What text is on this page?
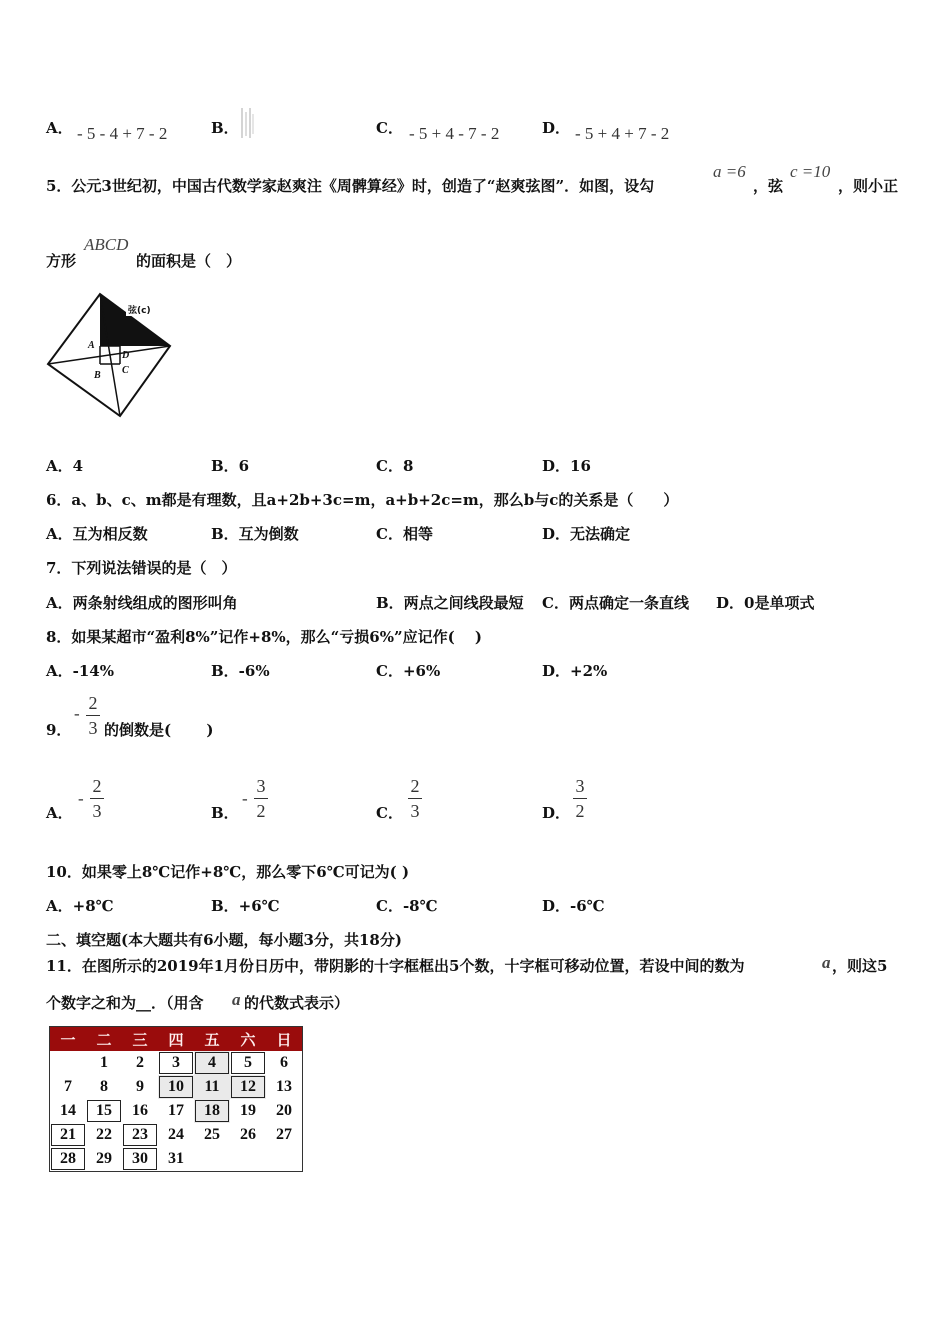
A． - 5 - 4 + 7 - 2	B．	C． - 5 + 4 - 7 - 2	D． - 5 + 4 + 7 - 2
5．公元3世纪初，中国古代数学家赵爽注《周髀算经》时，创造了“赵爽弦图”．如图，设勾
a =6
，弦
c =10
，则小正
方形
ABCD
的面积是（　）
弦(c)
A
D
B C
A．4	B．6	C．8	D．16
6．a、b、c、m都是有理数，且a+2b+3c=m，a+b+2c=m，那么b与c的关系是（　　）
A．互为相反数	B．互为倒数	C．相等	D．无法确定
7．下列说法错误的是（　）
A．两条射线组成的图形叫角	B．两点之间线段最短 C．两点确定一条直线 D．0是单项式
8．如果某超市“盈利8%”记作+8%，那么“亏损6%”应记作(　 )
A．-14%	B．-6%	C．+6%	D．+2%
9．
-
2
3 的倒数是(　　 )
A．
-
2
3	B．
-
3
2	C．
2
3	D．
3
2
10．如果零上8℃记作+8℃，那么零下6℃可记为( )
A．+8℃	B．+6℃	C．-8℃	D．-6℃
二、填空题(本大题共有6小题，每小题3分，共18分)
11．在图所示的2019年1月份日历中，带阴影的十字框框出5个数，十字框可移动位置，若设中间的数为	a ，则这5
个数字之和为__．（用含 a 的代数式表示）
一	二	三	四	五	六	日
	1	2	3	4	5	6
7	8	9	10	11	12	13
14	15	16	17	18	19	20
21	22	23	24	25	26	27
28	29	30	31			
